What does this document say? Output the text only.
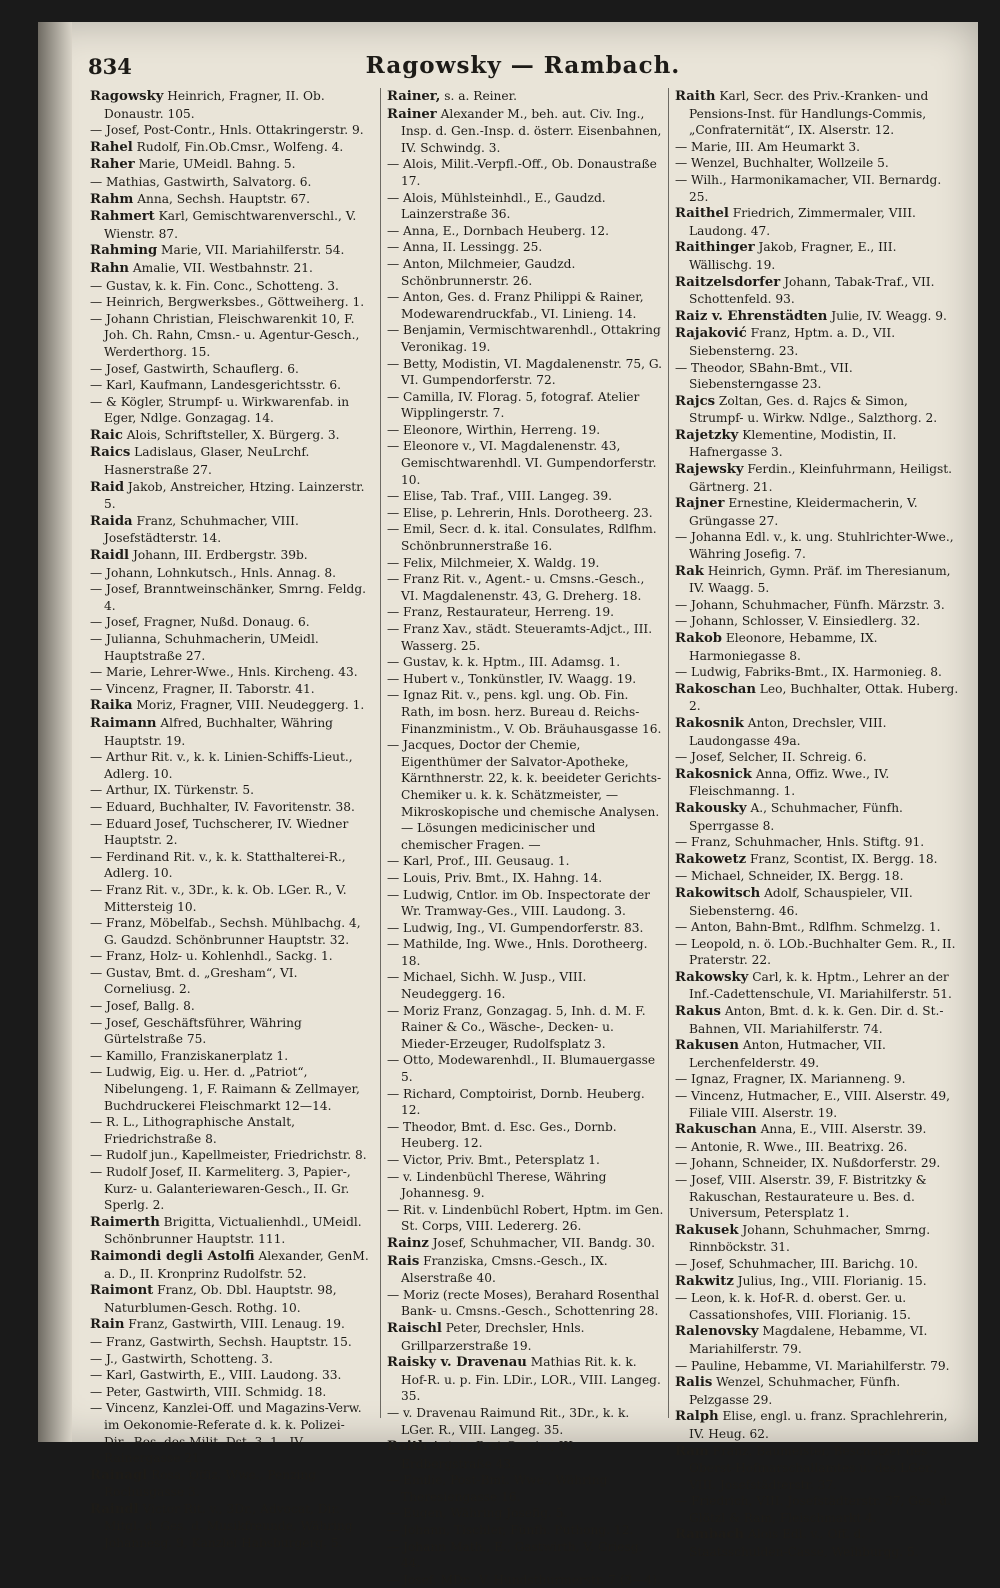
834	Ragowsky — Rambach.

Ragowsky Heinrich, Fragner, II. Ob. Donaustr. 105.

— Josef, Post-Contr., Hnls. Ottakringerstr. 9.

Rahel Rudolf, Fin.Ob.Cmsr., Wolfeng. 4.

Raher Marie, UMeidl. Bahng. 5.

— Mathias, Gastwirth, Salvatorg. 6.

Rahm Anna, Sechsh. Hauptstr. 67.

Rahmert Karl, Gemischtwarenverschl., V. Wienstr. 87.

Rahming Marie, VII. Mariahilferstr. 54.

Rahn Amalie, VII. Westbahnstr. 21.

— Gustav, k. k. Fin. Conc., Schotteng. 3.

— Heinrich, Bergwerksbes., Göttweiherg. 1.

— Johann Christian, Fleischwarenkit 10, F. Joh. Ch. Rahn, Cmsn.- u. Agentur-Gesch., Werderthorg. 15.

— Josef, Gastwirth, Schauflerg. 6.

— Karl, Kaufmann, Landesgerichtsstr. 6.

— & Kögler, Strumpf- u. Wirkwarenfab. in Eger, Ndlge. Gonzagag. 14.

Raic Alois, Schriftsteller, X. Bürgerg. 3.

Raics Ladislaus, Glaser, NeuLrchf. Hasnerstraße 27.

Raid Jakob, Anstreicher, Htzing. Lainzerstr. 5.

Raida Franz, Schuhmacher, VIII. Josefstädterstr. 14.

Raidl Johann, III. Erdbergstr. 39b.

— Johann, Lohnkutsch., Hnls. Annag. 8.

— Josef, Branntweinschänker, Smrng. Feldg. 4.

— Josef, Fragner, Nußd. Donaug. 6.

— Julianna, Schuhmacherin, UMeidl. Hauptstraße 27.

— Marie, Lehrer-Wwe., Hnls. Kircheng. 43.

— Vincenz, Fragner, II. Taborstr. 41.

Raika Moriz, Fragner, VIII. Neudeggerg. 1.

Raimann Alfred, Buchhalter, Währing Hauptstr. 19.

— Arthur Rit. v., k. k. Linien-Schiffs-Lieut., Adlerg. 10.

— Arthur, IX. Türkenstr. 5.

— Eduard, Buchhalter, IV. Favoritenstr. 38.

— Eduard Josef, Tuchscherer, IV. Wiedner Hauptstr. 2.

— Ferdinand Rit. v., k. k. Statthalterei-R., Adlerg. 10.

— Franz Rit. v., 3Dr., k. k. Ob. LGer. R., V. Mittersteig 10.

— Franz, Möbelfab., Sechsh. Mühlbachg. 4, G. Gaudzd. Schönbrunner Hauptstr. 32.

— Franz, Holz- u. Kohlenhdl., Sackg. 1.

— Gustav, Bmt. d. „Gresham“, VI. Corneliusg. 2.

— Josef, Ballg. 8.

— Josef, Geschäftsführer, Währing Gürtelstraße 75.

— Kamillo, Franziskanerplatz 1.

— Ludwig, Eig. u. Her. d. „Patriot“, Nibelungeng. 1, F. Raimann & Zellmayer, Buchdruckerei Fleischmarkt 12—14.

— R. L., Lithographische Anstalt, Friedrichstraße 8.

— Rudolf jun., Kapellmeister, Friedrichstr. 8.

— Rudolf Josef, II. Karmeliterg. 3, Papier-, Kurz- u. Galanteriewaren-Gesch., II. Gr. Sperlg. 2.

Raimerth Brigitta, Victualienhdl., UMeidl. Schönbrunner Hauptstr. 111.

Raimondi degli Astolfi Alexander, GenM. a. D., II. Kronprinz Rudolfstr. 52.

Raimont Franz, Ob. Dbl. Hauptstr. 98, Naturblumen-Gesch. Rothg. 10.

Rain Franz, Gastwirth, VIII. Lenaug. 19.

— Franz, Gastwirth, Sechsh. Hauptstr. 15.

— J., Gastwirth, Schotteng. 3.

— Karl, Gastwirth, E., VIII. Laudong. 33.

— Peter, Gastwirth, VIII. Schmidg. 18.

— Vincenz, Kanzlei-Off. und Magazins-Verw. im Oekonomie-Referate d. k. k. Polizei-Dir., Bes. des Milit. Dst. 3. 1., IV. Rainergasse 21.

Rainagl Rosa, Offiz. Wwe., Penzing Rochusgasse 3.

Raindl Victor Rit. v., 3Dr., Advocat, Dir.-Mitgl. d. Ges. d. Musikfreunde, Währing Johannesg. 9, Kanzlei Habsburgerg. 5.

Rainer, s. a. Reiner.

Rainer Alexander M., beh. aut. Civ. Ing., Insp. d. Gen.-Insp. d. österr. Eisenbahnen, IV. Schwindg. 3.

— Alois, Milit.-Verpfl.-Off., Ob. Donaustraße 17.

— Alois, Mühlsteinhdl., E., Gaudzd. Lainzerstraße 36.

— Anna, E., Dornbach Heuberg. 12.

— Anna, II. Lessingg. 25.

— Anton, Milchmeier, Gaudzd. Schönbrunnerstr. 26.

— Anton, Ges. d. Franz Philippi & Rainer, Modewarendruckfab., VI. Linieng. 14.

— Benjamin, Vermischtwarenhdl., Ottakring Veronikag. 19.

— Betty, Modistin, VI. Magdalenenstr. 75, G. VI. Gumpendorferstr. 72.

— Camilla, IV. Florag. 5, fotograf. Atelier Wipplingerstr. 7.

— Eleonore, Wirthin, Herreng. 19.

— Eleonore v., VI. Magdalenenstr. 43, Gemischtwarenhdl. VI. Gumpendorferstr. 10.

— Elise, Tab. Traf., VIII. Langeg. 39.

— Elise, p. Lehrerin, Hnls. Dorotheerg. 23.

— Emil, Secr. d. k. ital. Consulates, Rdlfhm. Schönbrunnerstraße 16.

— Felix, Milchmeier, X. Waldg. 19.

— Franz Rit. v., Agent.- u. Cmsns.-Gesch., VI. Magdalenenstr. 43, G. Dreherg. 18.

— Franz, Restaurateur, Herreng. 19.

— Franz Xav., städt. Steueramts-Adjct., III. Wasserg. 25.

— Gustav, k. k. Hptm., III. Adamsg. 1.

— Hubert v., Tonkünstler, IV. Waagg. 19.

— Ignaz Rit. v., pens. kgl. ung. Ob. Fin. Rath, im bosn. herz. Bureau d. Reichs-Finanzministm., V. Ob. Bräuhausgasse 16.

— Jacques, Doctor der Chemie, Eigenthümer der Salvator-Apotheke, Kärnthnerstr. 22, k. k. beeideter Gerichts-Chemiker u. k. k. Schätzmeister, — Mikroskopische und chemische Analysen. — Lösungen medicinischer und chemischer Fragen. —

— Karl, Prof., III. Geusaug. 1.

— Louis, Priv. Bmt., IX. Hahng. 14.

— Ludwig, Cntlor. im Ob. Inspectorate der Wr. Tramway-Ges., VIII. Laudong. 3.

— Ludwig, Ing., VI. Gumpendorferstr. 83.

— Mathilde, Ing. Wwe., Hnls. Dorotheerg. 18.

— Michael, Sichh. W. Jusp., VIII. Neudeggerg. 16.

— Moriz Franz, Gonzagag. 5, Inh. d. M. F. Rainer & Co., Wäsche-, Decken- u. Mieder-Erzeuger, Rudolfsplatz 3.

— Otto, Modewarenhdl., II. Blumauergasse 5.

— Richard, Comptoirist, Dornb. Heuberg. 12.

— Theodor, Bmt. d. Esc. Ges., Dornb. Heuberg. 12.

— Victor, Priv. Bmt., Petersplatz 1.

— v. Lindenbüchl Therese, Währing Johannesg. 9.

— Rit. v. Lindenbüchl Robert, Hptm. im Gen. St. Corps, VIII. Ledererg. 26.

Rainz Josef, Schuhmacher, VII. Bandg. 30.

Rais Franziska, Cmsns.-Gesch., IX. Alserstraße 40.

— Moriz (recte Moses), Berahard Rosenthal Bank- u. Cmsns.-Gesch., Schottenring 28.

Raischl Peter, Drechsler, Hnls. Grillparzerstraße 19.

Raisky v. Dravenau Mathias Rit. k. k. Hof-R. u. p. Fin. LDir., LOR., VIII. Langeg. 35.

— v. Dravenau Raimund Rit., 3Dr., k. k. LGer. R., VIII. Langeg. 35.

Raith Anton, Post-Cassier, III. Erdbergstraße 43.

— Emilie, Post-Bmt. Wwe., Währing Theresiengasse 16.

— Eugen, Währing Josefig. 5.

— Johann, Tischler, Fünfh. Puthong. 12.

— Johann Math., E., Gastwirth, V. Griesg. 44.

— Josef, MDr., V. Hundsthurmerstr. 7 (3—4).

Raith Karl, Secr. des Priv.-Kranken- und Pensions-Inst. für Handlungs-Commis, „Confraternität“, IX. Alserstr. 12.

— Marie, III. Am Heumarkt 3.

— Wenzel, Buchhalter, Wollzeile 5.

— Wilh., Harmonikamacher, VII. Bernardg. 25.

Raithel Friedrich, Zimmermaler, VIII. Laudong. 47.

Raithinger Jakob, Fragner, E., III. Wällischg. 19.

Raitzelsdorfer Johann, Tabak-Traf., VII. Schottenfeld. 93.

Raiz v. Ehrenstädten Julie, IV. Weagg. 9.

Rajaković Franz, Hptm. a. D., VII. Siebensterng. 23.

— Theodor, SBahn-Bmt., VII. Siebensterngasse 23.

Rajcs Zoltan, Ges. d. Rajcs & Simon, Strumpf- u. Wirkw. Ndlge., Salzthorg. 2.

Rajetzky Klementine, Modistin, II. Hafnergasse 3.

Rajewsky Ferdin., Kleinfuhrmann, Heiligst. Gärtnerg. 21.

Rajner Ernestine, Kleidermacherin, V. Grüngasse 27.

— Johanna Edl. v., k. ung. Stuhlrichter-Wwe., Währing Josefig. 7.

Rak Heinrich, Gymn. Präf. im Theresianum, IV. Waagg. 5.

— Johann, Schuhmacher, Fünfh. Märzstr. 3.

— Johann, Schlosser, V. Einsiedlerg. 32.

Rakob Eleonore, Hebamme, IX. Harmoniegasse 8.

— Ludwig, Fabriks-Bmt., IX. Harmonieg. 8.

Rakoschan Leo, Buchhalter, Ottak. Huberg. 2.

Rakosnik Anton, Drechsler, VIII. Laudongasse 49a.

— Josef, Selcher, II. Schreig. 6.

Rakosnick Anna, Offiz. Wwe., IV. Fleischmanng. 1.

Rakousky A., Schuhmacher, Fünfh. Sperrgasse 8.

— Franz, Schuhmacher, Hnls. Stiftg. 91.

Rakowetz Franz, Scontist, IX. Bergg. 18.

— Michael, Schneider, IX. Bergg. 18.

Rakowitsch Adolf, Schauspieler, VII. Siebensterng. 46.

— Anton, Bahn-Bmt., Rdlfhm. Schmelzg. 1.

— Leopold, n. ö. LOb.-Buchhalter Gem. R., II. Praterstr. 22.

Rakowsky Carl, k. k. Hptm., Lehrer an der Inf.-Cadettenschule, VI. Mariahilferstr. 51.

Rakus Anton, Bmt. d. k. k. Gen. Dir. d. St.-Bahnen, VII. Mariahilferstr. 74.

Rakusen Anton, Hutmacher, VII. Lerchenfelderstr. 49.

— Ignaz, Fragner, IX. Marianneng. 9.

— Vincenz, Hutmacher, E., VIII. Alserstr. 49, Filiale VIII. Alserstr. 19.

Rakuschan Anna, E., VIII. Alserstr. 39.

— Antonie, R. Wwe., III. Beatrixg. 26.

— Johann, Schneider, IX. Nußdorferstr. 29.

— Josef, VIII. Alserstr. 39, F. Bistritzky & Rakuschan, Restaurateure u. Bes. d. Universum, Petersplatz 1.

Rakusek Johann, Schuhmacher, Smrng. Rinnböckstr. 31.

— Josef, Schuhmacher, III. Barichg. 10.

Rakwitz Julius, Ing., VIII. Florianig. 15.

— Leon, k. k. Hof-R. d. oberst. Ger. u. Cassationshofes, VIII. Florianig. 15.

Ralenovsky Magdalene, Hebamme, VI. Mariahilferstr. 79.

— Pauline, Hebamme, VI. Mariahilferstr. 79.

Ralis Wenzel, Schuhmacher, Fünfh. Pelzgasse 29.

Ralph Elise, engl. u. franz. Sprachlehrerin, IV. Heug. 62.

Ram Franz, Baumeister, Beschätzer des Oberst-Hofmarschallamtes u. des LGer., VIII. Josefstädterstr. 37.

— Friedrich, VIII. Josefstädterstr. 37, Ges. d. Glötzl & Ram, Fleischmarkt 4.

Rambach Alois Edl. v., Off. d. Staatsschulden-Casse, Weihburgg. 5.
